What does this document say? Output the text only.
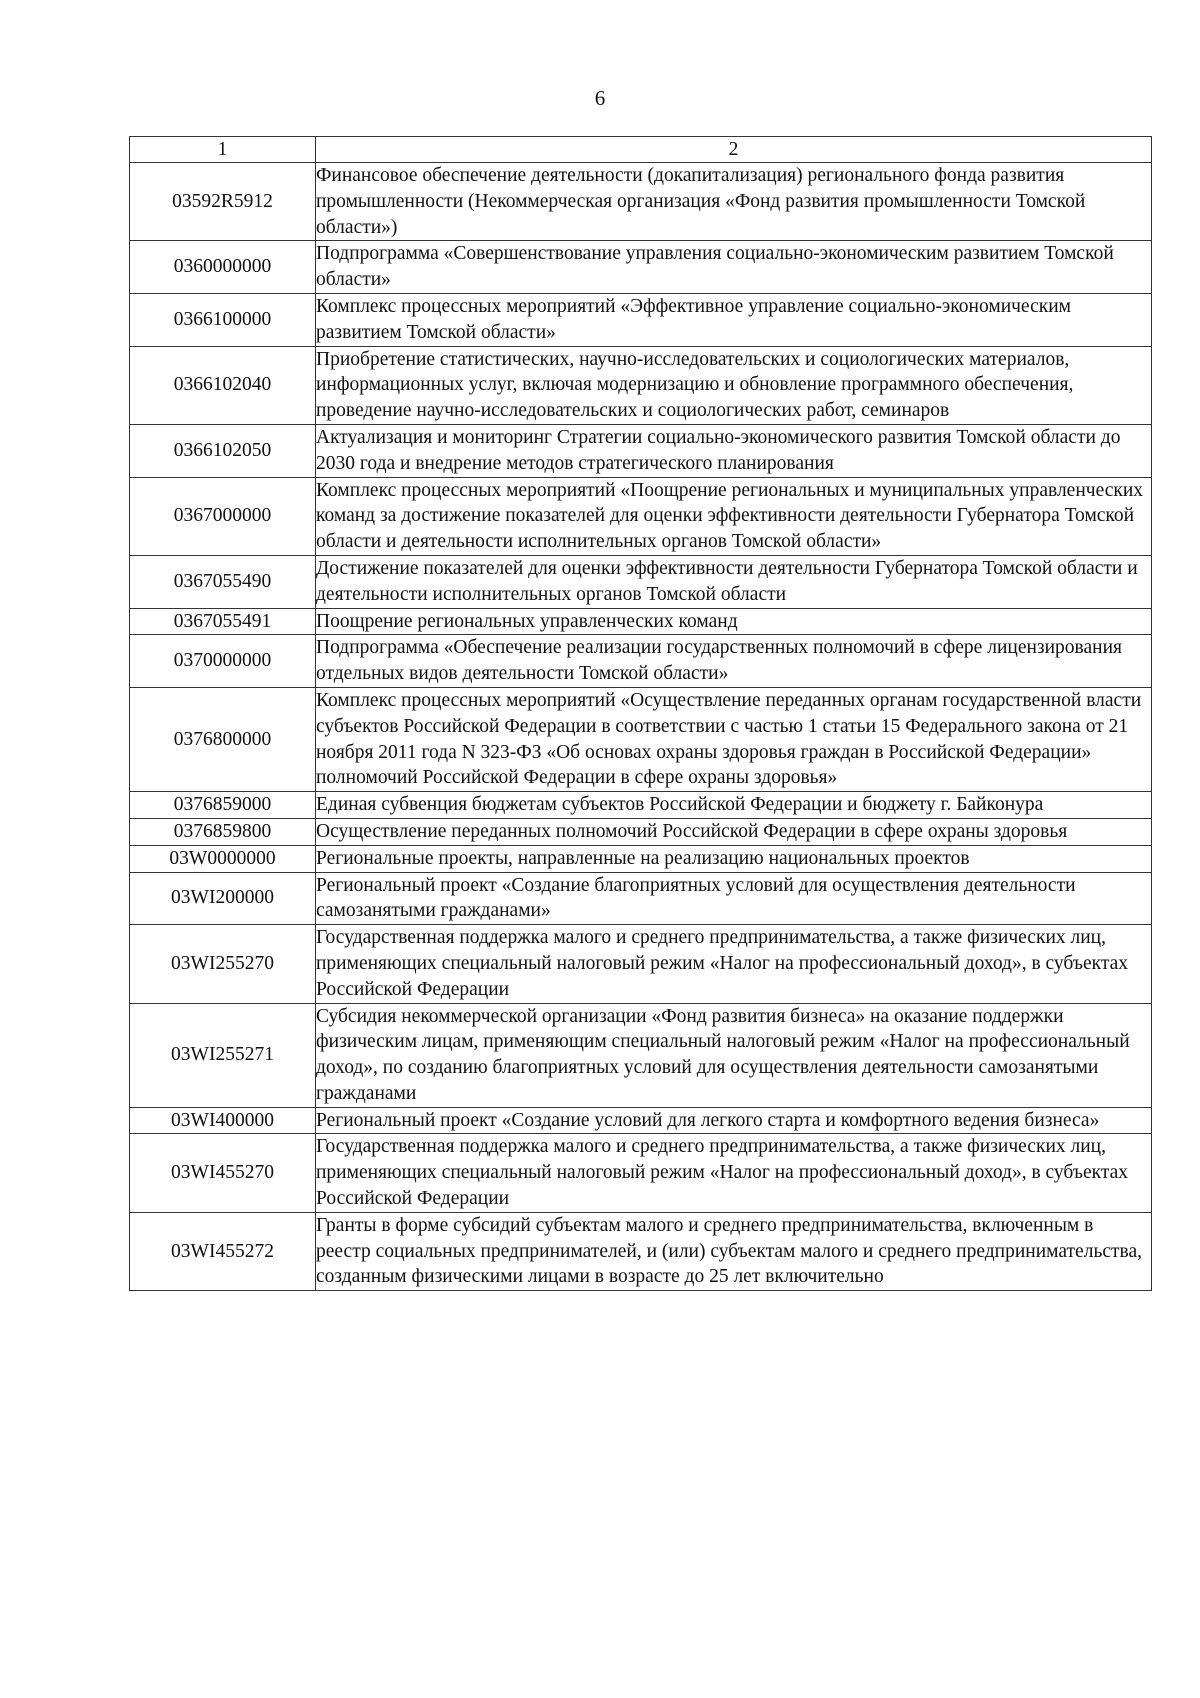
6
1	2
03592R5912	Финансовое обеспечение деятельности (докапитализация) регионального фонда развития промышленности (Некоммерческая организация «Фонд развития промышленности Томской области»)
0360000000	Подпрограмма «Совершенствование управления социально-экономическим развитием Томской области»
0366100000	Комплекс процессных мероприятий «Эффективное управление социально-экономическим развитием Томской области»
0366102040	Приобретение статистических, научно-исследовательских и социологических материалов, информационных услуг, включая модернизацию и обновление программного обеспечения, проведение научно-исследовательских и социологических работ, семинаров
0366102050	Актуализация и мониторинг Стратегии социально-экономического развития Томской области до 2030 года и внедрение методов стратегического планирования
0367000000	Комплекс процессных мероприятий «Поощрение региональных и муниципальных управленческих команд за достижение показателей для оценки эффективности деятельности Губернатора Томской области и деятельности исполнительных органов Томской области»
0367055490	Достижение показателей для оценки эффективности деятельности Губернатора Томской области и деятельности исполнительных органов Томской области
0367055491	Поощрение региональных управленческих команд
0370000000	Подпрограмма «Обеспечение реализации государственных полномочий в сфере лицензирования отдельных видов деятельности Томской области»
0376800000	Комплекс процессных мероприятий «Осуществление переданных органам государственной власти субъектов Российской Федерации в соответствии с частью 1 статьи 15 Федерального закона от 21 ноября 2011 года N 323-ФЗ «Об основах охраны здоровья граждан в Российской Федерации» полномочий Российской Федерации в сфере охраны здоровья»
0376859000	Единая субвенция бюджетам субъектов Российской Федерации и бюджету г. Байконура
0376859800	Осуществление переданных полномочий Российской Федерации в сфере охраны здоровья
03W0000000	Региональные проекты, направленные на реализацию национальных проектов
03WI200000	Региональный проект «Создание благоприятных условий для осуществления деятельности самозанятыми гражданами»
03WI255270	Государственная поддержка малого и среднего предпринимательства, а также физических лиц, применяющих специальный налоговый режим «Налог на профессиональный доход», в субъектах Российской Федерации
03WI255271	Субсидия некоммерческой организации «Фонд развития бизнеса» на оказание поддержки физическим лицам, применяющим специальный налоговый режим «Налог на профессиональный доход», по созданию благоприятных условий для осуществления деятельности самозанятыми гражданами
03WI400000	Региональный проект «Создание условий для легкого старта и комфортного ведения бизнеса»
03WI455270	Государственная поддержка малого и среднего предпринимательства, а также физических лиц, применяющих специальный налоговый режим «Налог на профессиональный доход», в субъектах Российской Федерации
03WI455272	Гранты в форме субсидий субъектам малого и среднего предпринимательства, включенным в реестр социальных предпринимателей, и (или) субъектам малого и среднего предпринимательства, созданным физическими лицами в возрасте до 25 лет включительно
